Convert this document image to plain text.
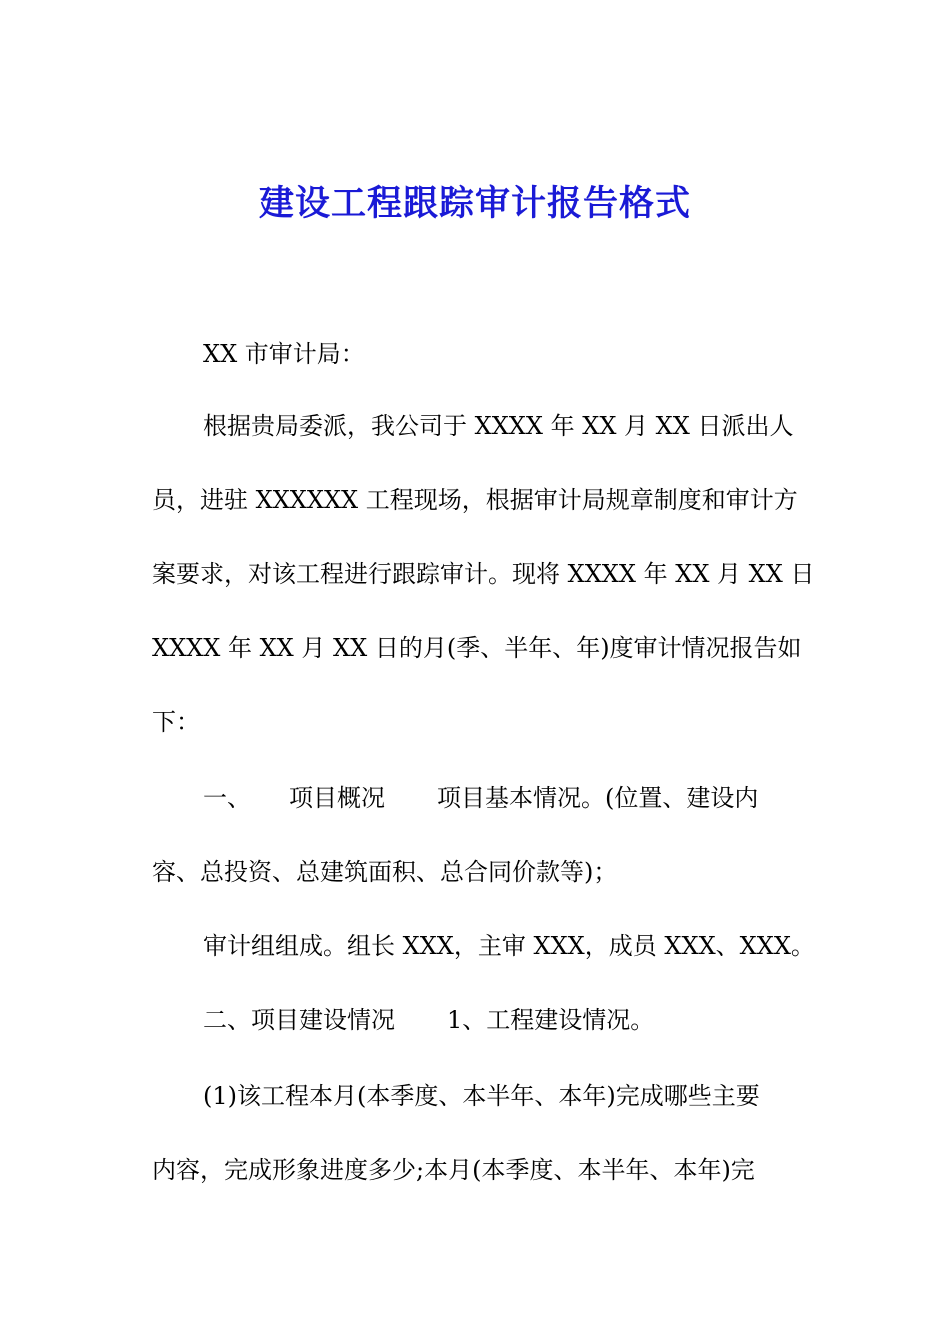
建设工程跟踪审计报告格式
XX 市审计局：
根据贵局委派，我公司于 XXXX 年 XX 月 XX 日派出人
员，进驻 XXXXXX 工程现场，根据审计局规章制度和审计方
案要求，对该工程进行跟踪审计。现将 XXXX 年 XX 月 XX 日
XXXX 年 XX 月 XX 日的月(季、半年、年)度审计情况报告如
下：
一、 项目概况 项目基本情况。(位置、建设内
容、总投资、总建筑面积、总合同价款等)；
审计组组成。组长 XXX，主审 XXX，成员 XXX、XXX。
二、项目建设情况 1、工程建设情况。
(1)该工程本月(本季度、本半年、本年)完成哪些主要
内容，完成形象进度多少;本月(本季度、本半年、本年)完
